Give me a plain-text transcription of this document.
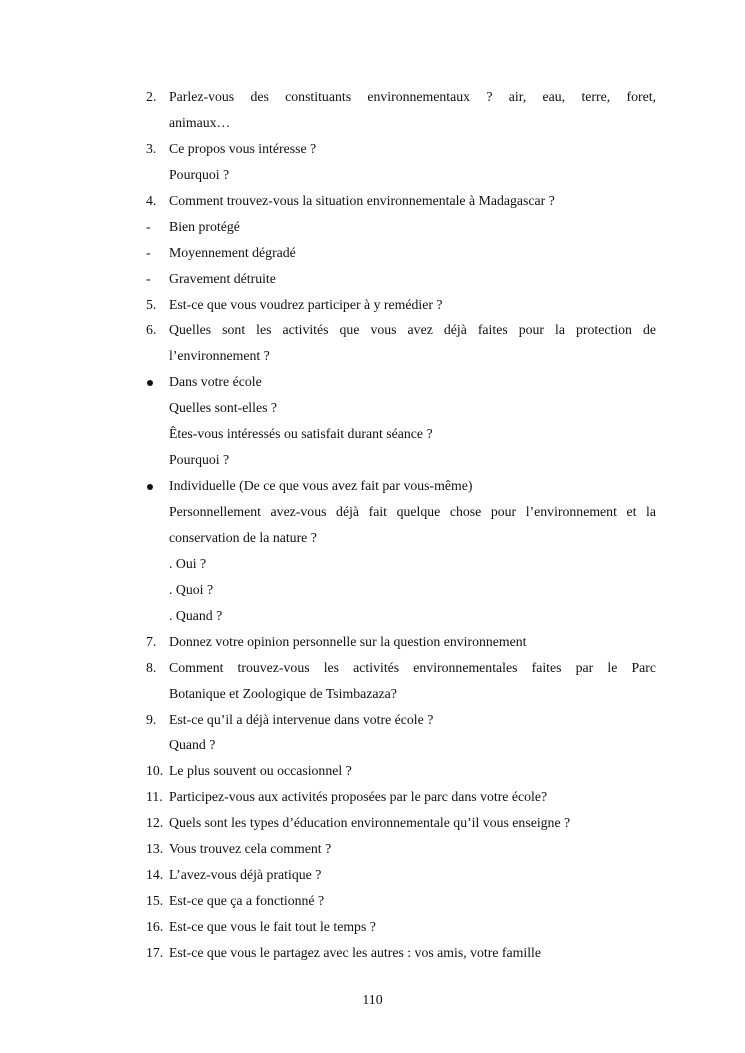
2. Parlez-vous des constituants environnementaux ? air, eau, terre, foret,
animaux…
3. Ce propos vous intéresse ?
Pourquoi ?
4. Comment trouvez-vous la situation environnementale à Madagascar ?
- Bien protégé
- Moyennement dégradé
- Gravement détruite
5. Est-ce que vous voudrez participer à y remédier ?
6. Quelles sont les activités que vous avez déjà faites pour la protection de
l’environnement ?
Dans votre école
Quelles sont-elles ?
Êtes-vous intéressés ou satisfait durant séance ?
Pourquoi ?
Individuelle (De ce que vous avez fait par vous-même)
Personnellement avez-vous déjà fait quelque chose pour l’environnement et la
conservation de la nature ?
. Oui ?
. Quoi ?
. Quand ?
7. Donnez votre opinion personnelle sur la question environnement
8. Comment trouvez-vous les activités environnementales faites par le Parc
Botanique et Zoologique de Tsimbazaza?
9. Est-ce qu’il a déjà intervenue dans votre école ?
Quand ?
10. Le plus souvent ou occasionnel ?
11. Participez-vous aux activités proposées par le parc dans votre école?
12. Quels sont les types d’éducation environnementale qu’il vous enseigne ?
13. Vous trouvez cela comment ?
14. L’avez-vous déjà pratique ?
15. Est-ce que ça a fonctionné ?
16. Est-ce que vous le fait tout le temps ?
17. Est-ce que vous le partagez avec les autres : vos amis, votre famille
110
